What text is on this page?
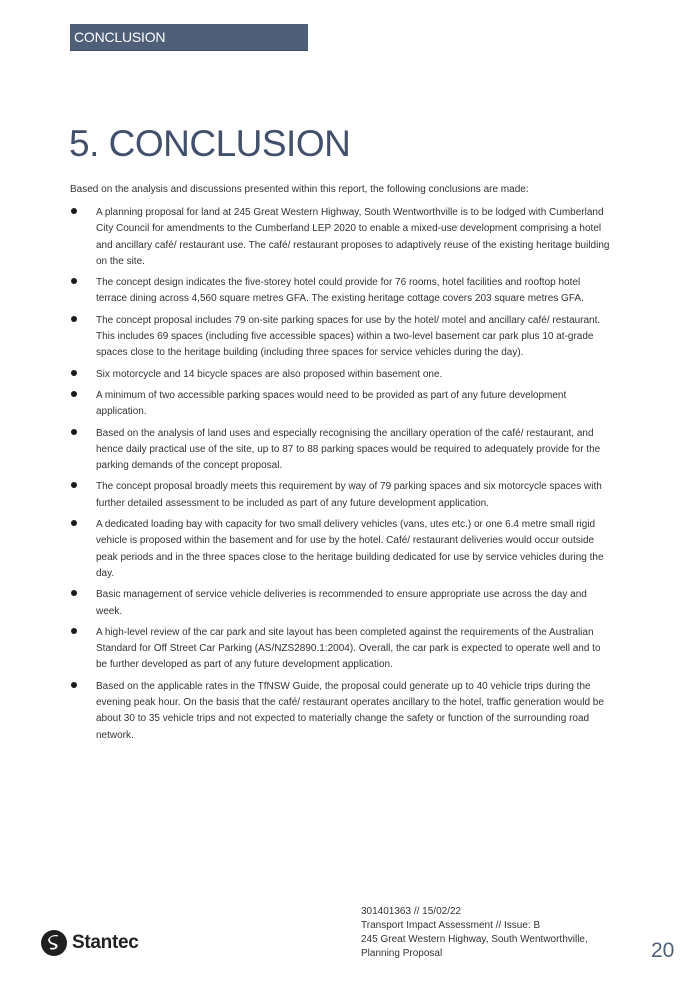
CONCLUSION
5. CONCLUSION

Based on the analysis and discussions presented within this report, the following conclusions are made:

A planning proposal for land at 245 Great Western Highway, South Wentworthville is to be lodged with Cumberland City Council for amendments to the Cumberland LEP 2020 to enable a mixed-use development comprising a hotel and ancillary café/ restaurant use. The café/ restaurant proposes to adaptively reuse of the existing heritage building on the site.
The concept design indicates the five-storey hotel could provide for 76 rooms, hotel facilities and rooftop hotel terrace dining across 4,560 square metres GFA. The existing heritage cottage covers 203 square metres GFA.
The concept proposal includes 79 on-site parking spaces for use by the hotel/ motel and ancillary café/ restaurant. This includes 69 spaces (including five accessible spaces) within a two-level basement car park plus 10 at-grade spaces close to the heritage building (including three spaces for service vehicles during the day).
Six motorcycle and 14 bicycle spaces are also proposed within basement one.
A minimum of two accessible parking spaces would need to be provided as part of any future development application.
Based on the analysis of land uses and especially recognising the ancillary operation of the café/ restaurant, and hence daily practical use of the site, up to 87 to 88 parking spaces would be required to adequately provide for the parking demands of the concept proposal.
The concept proposal broadly meets this requirement by way of 79 parking spaces and six motorcycle spaces with further detailed assessment to be included as part of any future development application.
A dedicated loading bay with capacity for two small delivery vehicles (vans, utes etc.) or one 6.4 metre small rigid vehicle is proposed within the basement and for use by the hotel. Café/ restaurant deliveries would occur outside peak periods and in the three spaces close to the heritage building dedicated for use by service vehicles during the day.
Basic management of service vehicle deliveries is recommended to ensure appropriate use across the day and week.
A high-level review of the car park and site layout has been completed against the requirements of the Australian Standard for Off Street Car Parking (AS/NZS2890.1:2004). Overall, the car park is expected to operate well and to be further developed as part of any future development application.
Based on the applicable rates in the TfNSW Guide, the proposal could generate up to 40 vehicle trips during the evening peak hour. On the basis that the café/ restaurant operates ancillary to the hotel, traffic generation would be about 30 to 35 vehicle trips and not expected to materially change the safety or function of the surrounding road network.
Stantec
301401363 // 15/02/22
Transport Impact Assessment // Issue: B
245 Great Western Highway, South Wentworthville,
Planning Proposal	20
